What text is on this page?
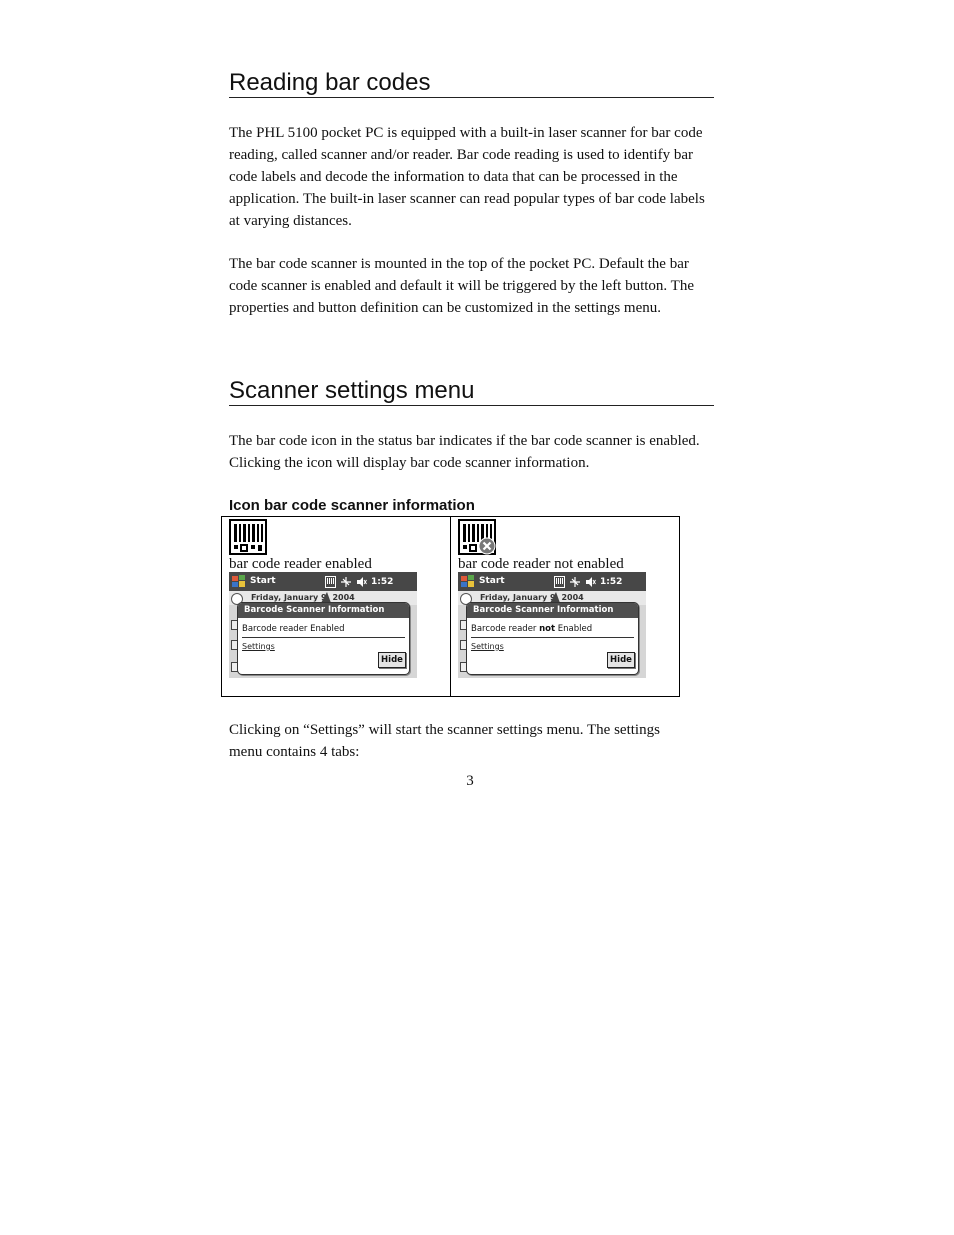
Reading bar codes

The PHL 5100 pocket PC is equipped with a built-in laser scanner for bar code reading, called scanner and/or reader. Bar code reading is used to identify bar code labels and decode the information to data that can be processed in the application. The built-in laser scanner can read popular types of bar code labels at varying distances.

The bar code scanner is mounted in the top of the pocket PC. Default the bar code scanner is enabled and default it will be triggered by the left button. The properties and button definition can be customized in the settings menu.

Scanner settings menu

The bar code icon in the status bar indicates if the bar code scanner is enabled. Clicking the icon will display bar code scanner information.

Icon bar code scanner information

bar code reader enabled
Start	1:52
Friday, January 9, 2004
Barcode Scanner Information
Barcode reader Enabled
Settings
Hide
bar code reader not enabled
Start	1:52
Friday, January 9, 2004
Barcode Scanner Information
Barcode reader not Enabled
Settings
Hide

Clicking on “Settings” will start the scanner settings menu. The settings menu contains 4 tabs:

3
